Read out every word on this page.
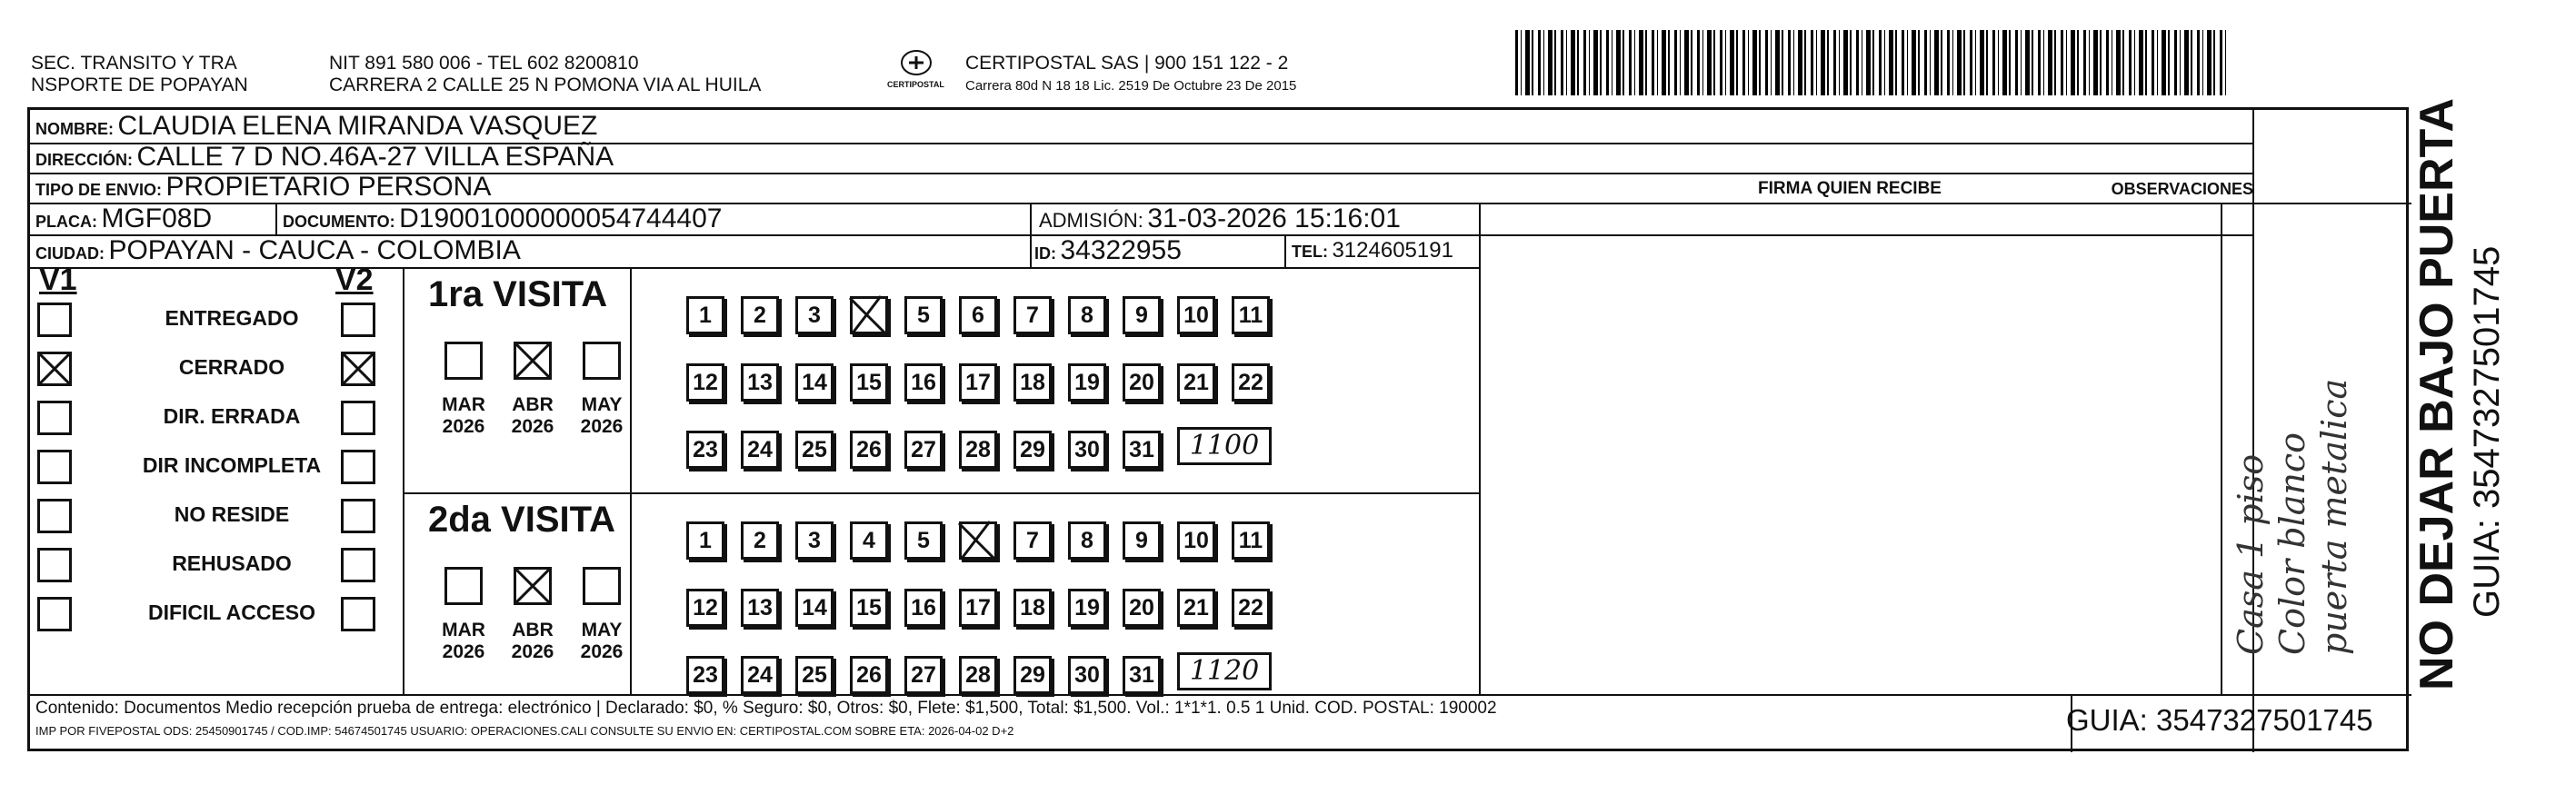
SEC. TRANSITO Y TRA
NSPORTE DE POPAYAN
NIT 891 580 006 - TEL 602 8200810
CARRERA 2 CALLE 25 N POMONA VIA AL HUILA	CERTIPOSTAL
CERTIPOSTAL SAS | 900 151 122 - 2
Carrera 80d N 18 18 Lic. 2519 De Octubre 23 De 2015
NOMBRE: CLAUDIA ELENA MIRANDA VASQUEZ
DIRECCIÓN: CALLE 7 D NO.46A-27 VILLA ESPAÑA
TIPO DE ENVIO: PROPIETARIO PERSONA	FIRMA QUIEN RECIBE	OBSERVACIONES
PLACA: MGF08D	DOCUMENTO: D19001000000054744407	ADMISIÓN: 31-03-2026 15:16:01
CIUDAD: POPAYAN - CAUCA - COLOMBIA	ID: 34322955	TEL: 3124605191
V1	V2
ENTREGADO
CERRADO
DIR. ERRADA
DIR INCOMPLETA
NO RESIDE
REHUSADO
DIFICIL ACCESO
1ra VISITA
MAR
2026
ABR
2026
MAY
2026
1	2	3	5	6	7	8	9	10	11
12 13 14 15 16 17 18 19 20 21 22
23 24 25 26 27 28 29 30 31	1100
2da VISITA
MAR
2026
ABR
2026
MAY
2026
1	2	3	4	5	7	8	9	10	11
12 13 14 15 16 17 18 19 20 21 22
23 24 25 26 27 28 29 30 31	1120
Casa 1 piso Color blanco puerta metalica
Contenido: Documentos Medio recepción prueba de entrega: electrónico | Declarado: $0, % Seguro: $0, Otros: $0, Flete: $1,500, Total: $1,500. Vol.: 1*1*1. 0.5 1 Unid. COD. POSTAL: 190002
IMP POR FIVEPOSTAL ODS: 25450901745 / COD.IMP: 54674501745 USUARIO: OPERACIONES.CALI CONSULTE SU ENVIO EN: CERTIPOSTAL.COM SOBRE ETA: 2026-04-02 D+2	GUIA: 3547327501745
NO DEJAR BAJO PUERTA GUIA: 3547327501745
